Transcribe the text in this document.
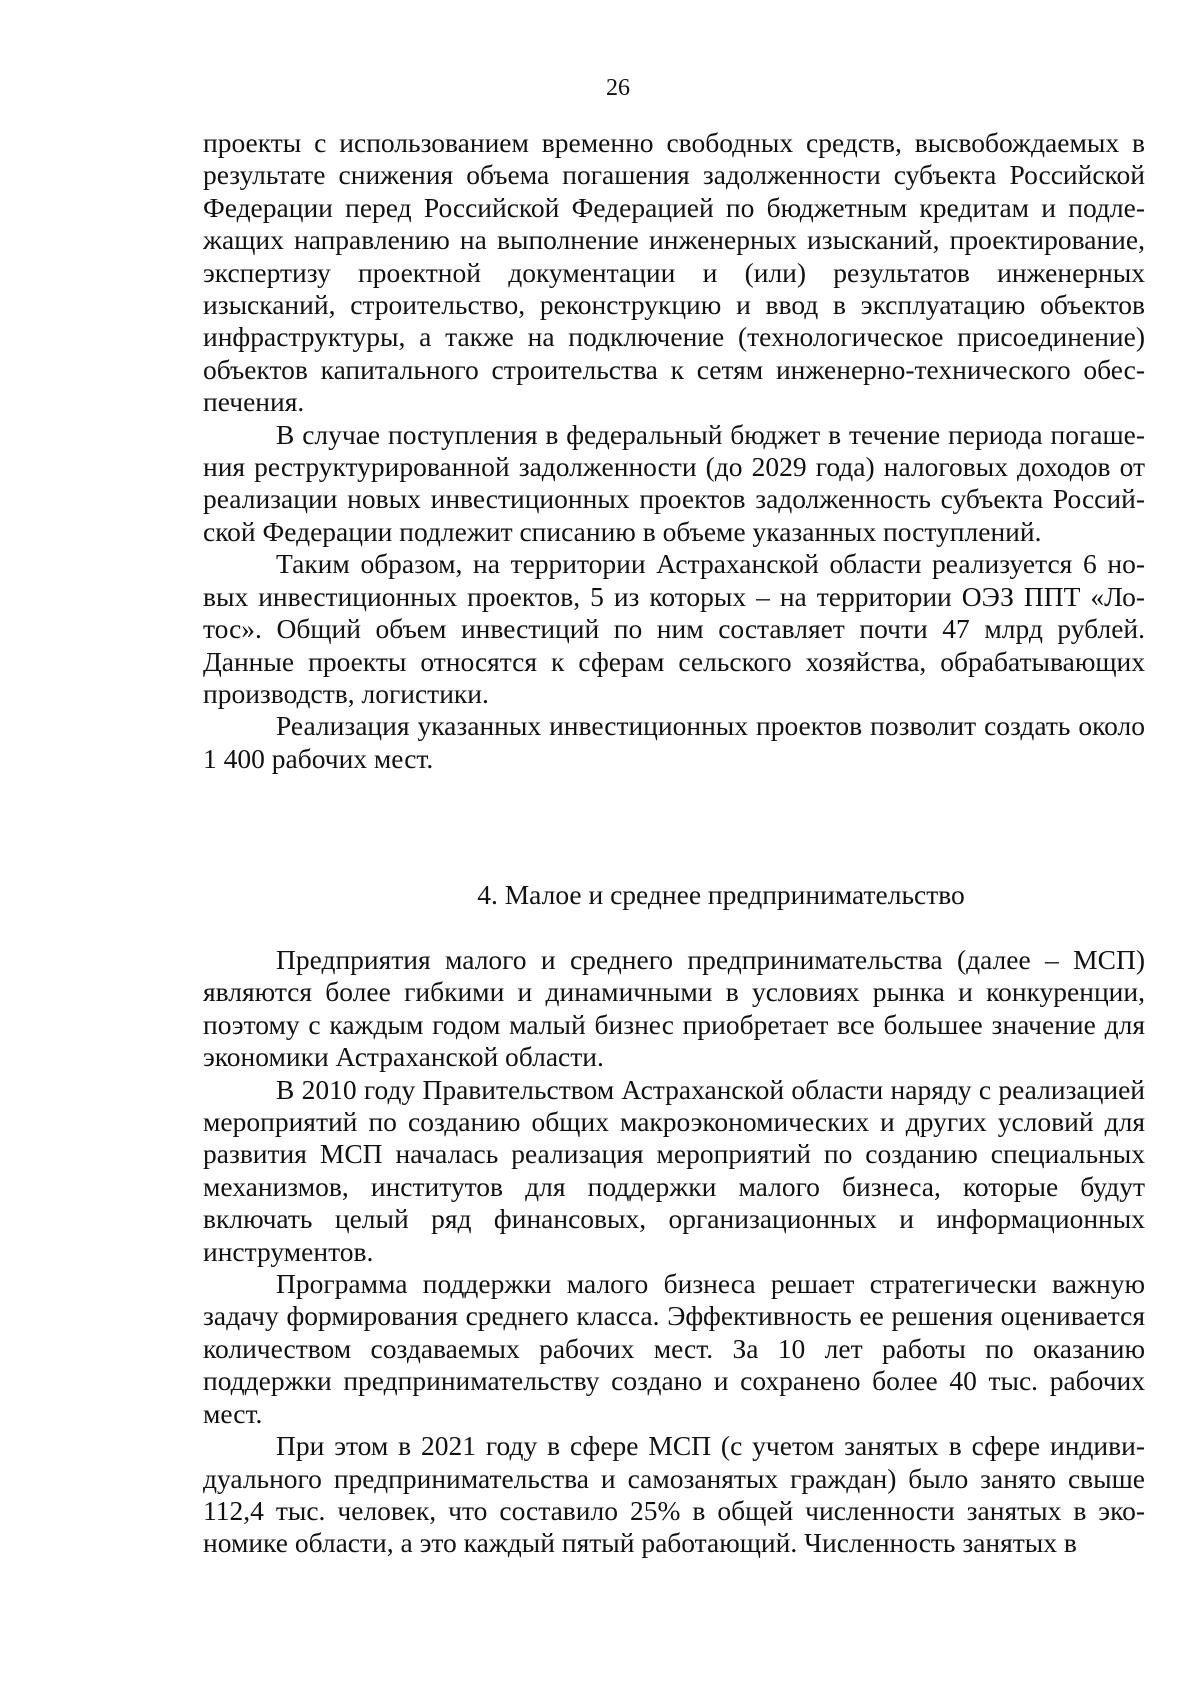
26

проекты с использованием временно свободных средств, высвобождаемых в результате снижения объема погашения задолженности субъекта Российской Федерации перед Российской Федерацией по бюджетным кредитам и подлежащих направлению на выполнение инженерных изысканий, проектирование, экспертизу проектной документации и (или) результатов инженерных изысканий, строительство, реконструкцию и ввод в эксплуатацию объектов инфраструктуры, а также на подключение (технологическое присоединение) объектов капитального строительства к сетям инженерно-технического обеспечения.

В случае поступления в федеральный бюджет в течение периода погашения реструктурированной задолженности (до 2029 года) налоговых доходов от реализации новых инвестиционных проектов задолженность субъекта Российской Федерации подлежит списанию в объеме указанных поступлений.

Таким образом, на территории Астраханской области реализуется 6 новых инвестиционных проектов, 5 из которых – на территории ОЭЗ ППТ «Лотос». Общий объем инвестиций по ним составляет почти 47 млрд рублей. Данные проекты относятся к сферам сельского хозяйства, обрабатывающих производств, логистики.

Реализация указанных инвестиционных проектов позволит создать около 1 400 рабочих мест.

4. Малое и среднее предпринимательство

Предприятия малого и среднего предпринимательства (далее – МСП) являются более гибкими и динамичными в условиях рынка и конкуренции, поэтому с каждым годом малый бизнес приобретает все большее значение для экономики Астраханской области.

В 2010 году Правительством Астраханской области наряду с реализацией мероприятий по созданию общих макроэкономических и других условий для развития МСП началась реализация мероприятий по созданию специальных механизмов, институтов для поддержки малого бизнеса, которые будут включать целый ряд финансовых, организационных и информационных инструментов.

Программа поддержки малого бизнеса решает стратегически важную задачу формирования среднего класса. Эффективность ее решения оценивается количеством создаваемых рабочих мест. За 10 лет работы по оказанию поддержки предпринимательству создано и сохранено более 40 тыс. рабочих мест.

При этом в 2021 году в сфере МСП (с учетом занятых в сфере индивидуального предпринимательства и самозанятых граждан) было занято свыше 112,4 тыс. человек, что составило 25% в общей численности занятых в экономике области, а это каждый пятый работающий. Численность занятых в
